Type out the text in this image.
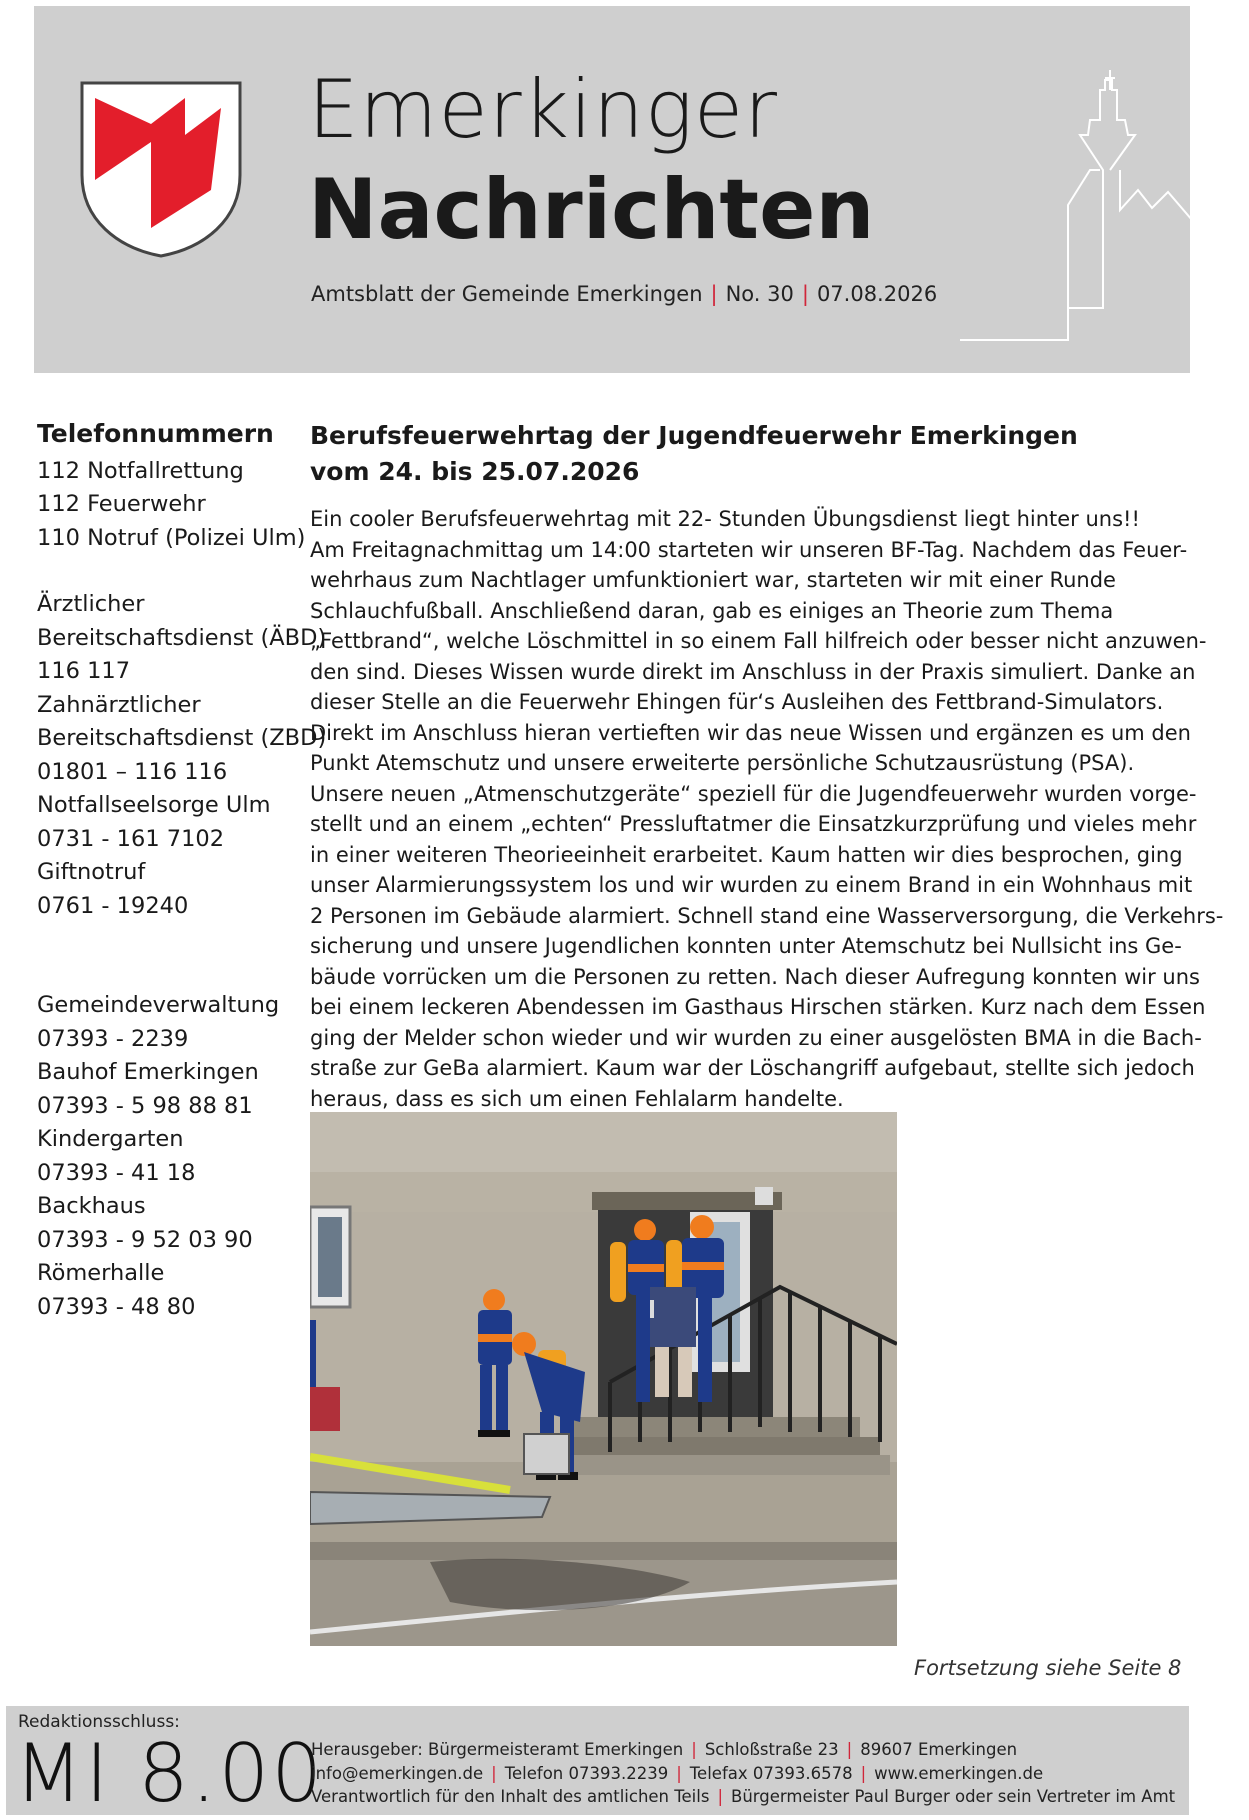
Emerkinger
Nachrichten
Amtsblatt der Gemeinde Emerkingen | No. 30 | 07.08.2026
Telefonnummern
112 Notfallrettung
112 Feuerwehr
110 Notruf (Polizei Ulm)
Ärztlicher
Bereitschaftsdienst (ÄBD)
116 117
Zahnärztlicher
Bereitschaftsdienst (ZBD)
01801 – 116 116
Notfallseelsorge Ulm
0731 - 161 7102
Giftnotruf
0761 - 19240
Gemeindeverwaltung
07393 - 2239
Bauhof Emerkingen
07393 - 5 98 88 81
Kindergarten
07393 - 41 18
Backhaus
07393 - 9 52 03 90
Römerhalle
07393 - 48 80
Berufsfeuerwehrtag der Jugendfeuerwehr Emerkingen
vom 24. bis 25.07.2026
Ein cooler Berufsfeuerwehrtag mit 22- Stunden Übungsdienst liegt hinter uns!!
Am Freitagnachmittag um 14:00 starteten wir unseren BF-Tag. Nachdem das Feuer-
wehrhaus zum Nachtlager umfunktioniert war, starteten wir mit einer Runde
Schlauchfußball. Anschließend daran, gab es einiges an Theorie zum Thema
„Fettbrand“, welche Löschmittel in so einem Fall hilfreich oder besser nicht anzuwen-
den sind. Dieses Wissen wurde direkt im Anschluss in der Praxis simuliert. Danke an
dieser Stelle an die Feuerwehr Ehingen für‘s Ausleihen des Fettbrand-Simulators.
Direkt im Anschluss hieran vertieften wir das neue Wissen und ergänzen es um den
Punkt Atemschutz und unsere erweiterte persönliche Schutzausrüstung (PSA).
Unsere neuen „Atmenschutzgeräte“ speziell für die Jugendfeuerwehr wurden vorge-
stellt und an einem „echten“ Pressluftatmer die Einsatzkurzprüfung und vieles mehr
in einer weiteren Theorieeinheit erarbeitet. Kaum hatten wir dies besprochen, ging
unser Alarmierungssystem los und wir wurden zu einem Brand in ein Wohnhaus mit
2 Personen im Gebäude alarmiert. Schnell stand eine Wasserversorgung, die Verkehrs-
sicherung und unsere Jugendlichen konnten unter Atemschutz bei Nullsicht ins Ge-
bäude vorrücken um die Personen zu retten. Nach dieser Aufregung konnten wir uns
bei einem leckeren Abendessen im Gasthaus Hirschen stärken. Kurz nach dem Essen
ging der Melder schon wieder und wir wurden zu einer ausgelösten BMA in die Bach-
straße zur GeBa alarmiert. Kaum war der Löschangriff aufgebaut, stellte sich jedoch
heraus, dass es sich um einen Fehlalarm handelte.
Fortsetzung siehe Seite 8
Redaktionsschluss:
MI 8.00
Herausgeber: Bürgermeisteramt Emerkingen | Schloßstraße 23 | 89607 Emerkingen
info@emerkingen.de | Telefon 07393.2239 | Telefax 07393.6578 | www.emerkingen.de
Verantwortlich für den Inhalt des amtlichen Teils | Bürgermeister Paul Burger oder sein Vertreter im Amt
